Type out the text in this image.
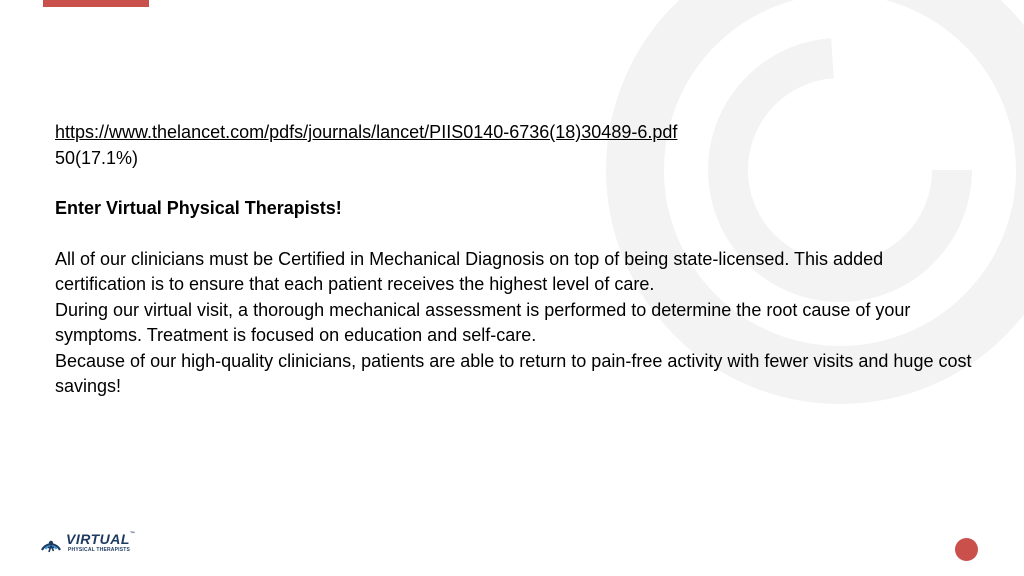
https://www.thelancet.com/pdfs/journals/lancet/PIIS0140-6736(18)30489-6.pdf

50(17.1%)

Enter Virtual Physical Therapists!

All of our clinicians must be Certified in Mechanical Diagnosis on top of being state-licensed. This added certification is to ensure that each patient receives the highest level of care.

During our virtual visit, a thorough mechanical assessment is performed to determine the root cause of your symptoms. Treatment is focused on education and self-care.

Because of our high-quality clinicians, patients are able to return to pain-free activity with fewer visits and huge cost savings!

VIRTUAL™
PHYSICAL THERAPISTS
